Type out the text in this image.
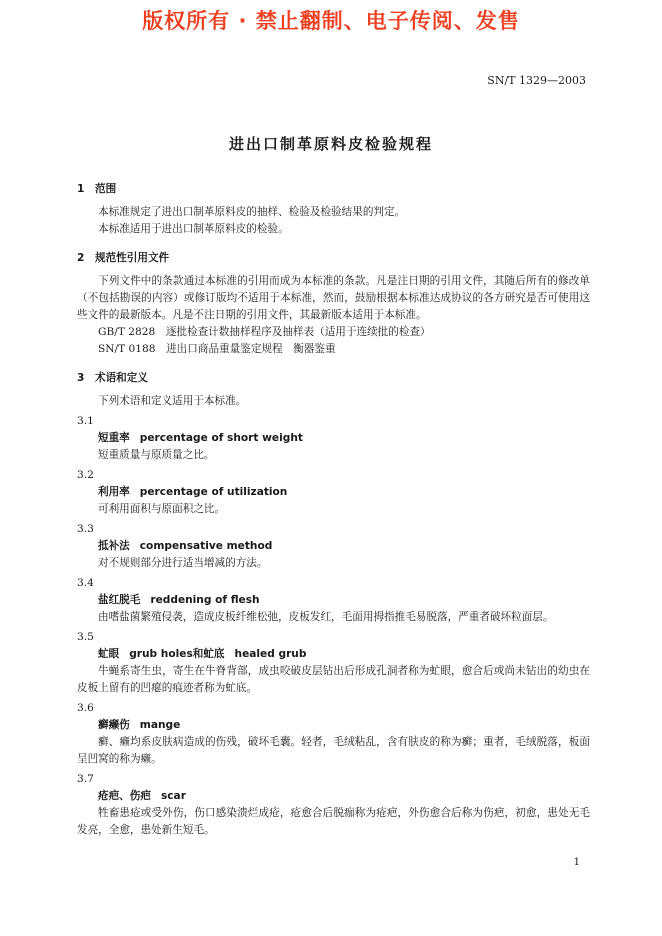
版权所有 · 禁止翻制、电子传阅、发售
SN/T 1329—2003
进出口制革原料皮检验规程
1 范围
本标准规定了进出口制革原料皮的抽样、检验及检验结果的判定。
本标准适用于进出口制革原料皮的检验。
2 规范性引用文件
下列文件中的条款通过本标准的引用而成为本标准的条款。凡是注日期的引用文件，其随后所有的修改单（不包括勘误的内容）或修订版均不适用于本标准，然而，鼓励根据本标准达成协议的各方研究是否可使用这些文件的最新版本。凡是不注日期的引用文件，其最新版本适用于本标准。
GB/T 2828　 逐批检查计数抽样程序及抽样表（适用于连续批的检查）
SN/T 0188　 进出口商品重量鉴定规程　衡器鉴重
3 术语和定义
下列术语和定义适用于本标准。
3.1
短重率 percentage of short weight
短重质量与原质量之比。
3.2
利用率 percentage of utilization
可利用面积与原面积之比。
3.3
抵补法 compensative method
对不规则部分进行适当增减的方法。
3.4
盐红脱毛 reddening of flesh
由嗜盐菌繁殖侵袭，造成皮板纤维松弛，皮板发红，毛面用拇指推毛易脱落，严重者破坏粒面层。
3.5
虻眼 grub holes和虻底 healed grub
牛蝇系寄生虫，寄生在牛脊背部，成虫咬破皮层钻出后形成孔洞者称为虻眼，愈合后或尚未钻出的幼虫在皮板上留有的凹瘪的痕迹者称为虻底。
3.6
癣癞伤 mange
癣、癞均系皮肤病造成的伤残，破坏毛囊。轻者，毛绒粘乱，含有肤皮的称为癣；重者，毛绒脱落，板面呈凹窝的称为癞。
3.7
疮疤、伤疤 scar
牲畜患疮或受外伤，伤口感染溃烂成疮，疮愈合后脱痂称为疮疤，外伤愈合后称为伤疤，初愈，患处无毛发亮，全愈，患处新生短毛。
1
